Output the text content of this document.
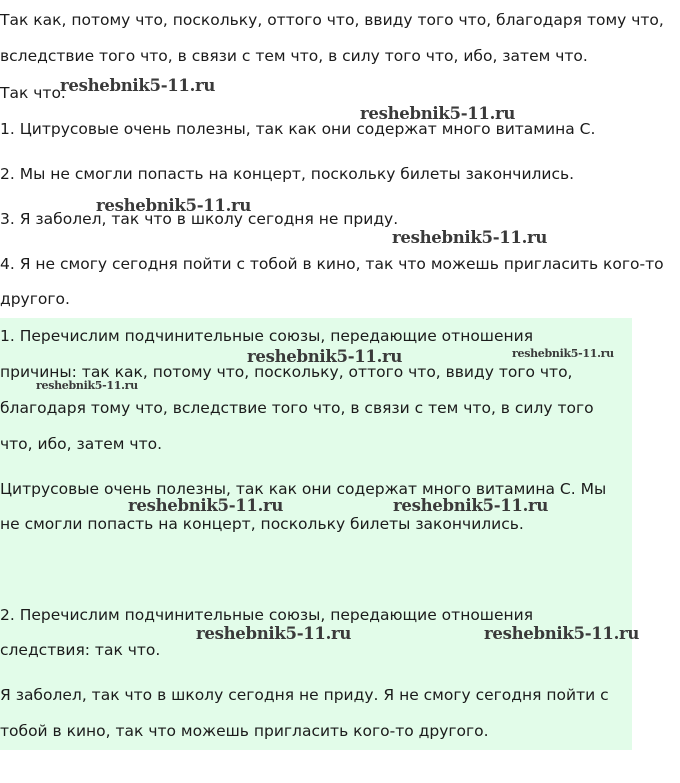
Так как, потому что, поскольку, оттого что, ввиду того что, благодаря тому что,

вследствие того что, в связи с тем что, в силу того что, ибо, затем что.

Так что.

1. Цитрусовые очень полезны, так как они содержат много витамина C.

2. Мы не смогли попасть на концерт, поскольку билеты закончились.

3. Я заболел, так что в школу сегодня не приду.

4. Я не смогу сегодня пойти с тобой в кино, так что можешь пригласить кого-то

другого.

1. Перечислим подчинительные союзы, передающие отношения

причины: так как, потому что, поскольку, оттого что, ввиду того что,

благодаря тому что, вследствие того что, в связи с тем что, в силу того

что, ибо, затем что.

Цитрусовые очень полезны, так как они содержат много витамина C. Мы

не смогли попасть на концерт, поскольку билеты закончились.

2. Перечислим подчинительные союзы, передающие отношения

следствия: так что.

Я заболел, так что в школу сегодня не приду. Я не смогу сегодня пойти с

тобой в кино, так что можешь пригласить кого-то другого.

reshebnik5-11.ru
reshebnik5-11.ru
reshebnik5-11.ru
reshebnik5-11.ru
reshebnik5-11.ru	reshebnik5-11.ru
reshebnik5-11.ru
reshebnik5-11.ru	reshebnik5-11.ru
reshebnik5-11.ru	reshebnik5-11.ru
